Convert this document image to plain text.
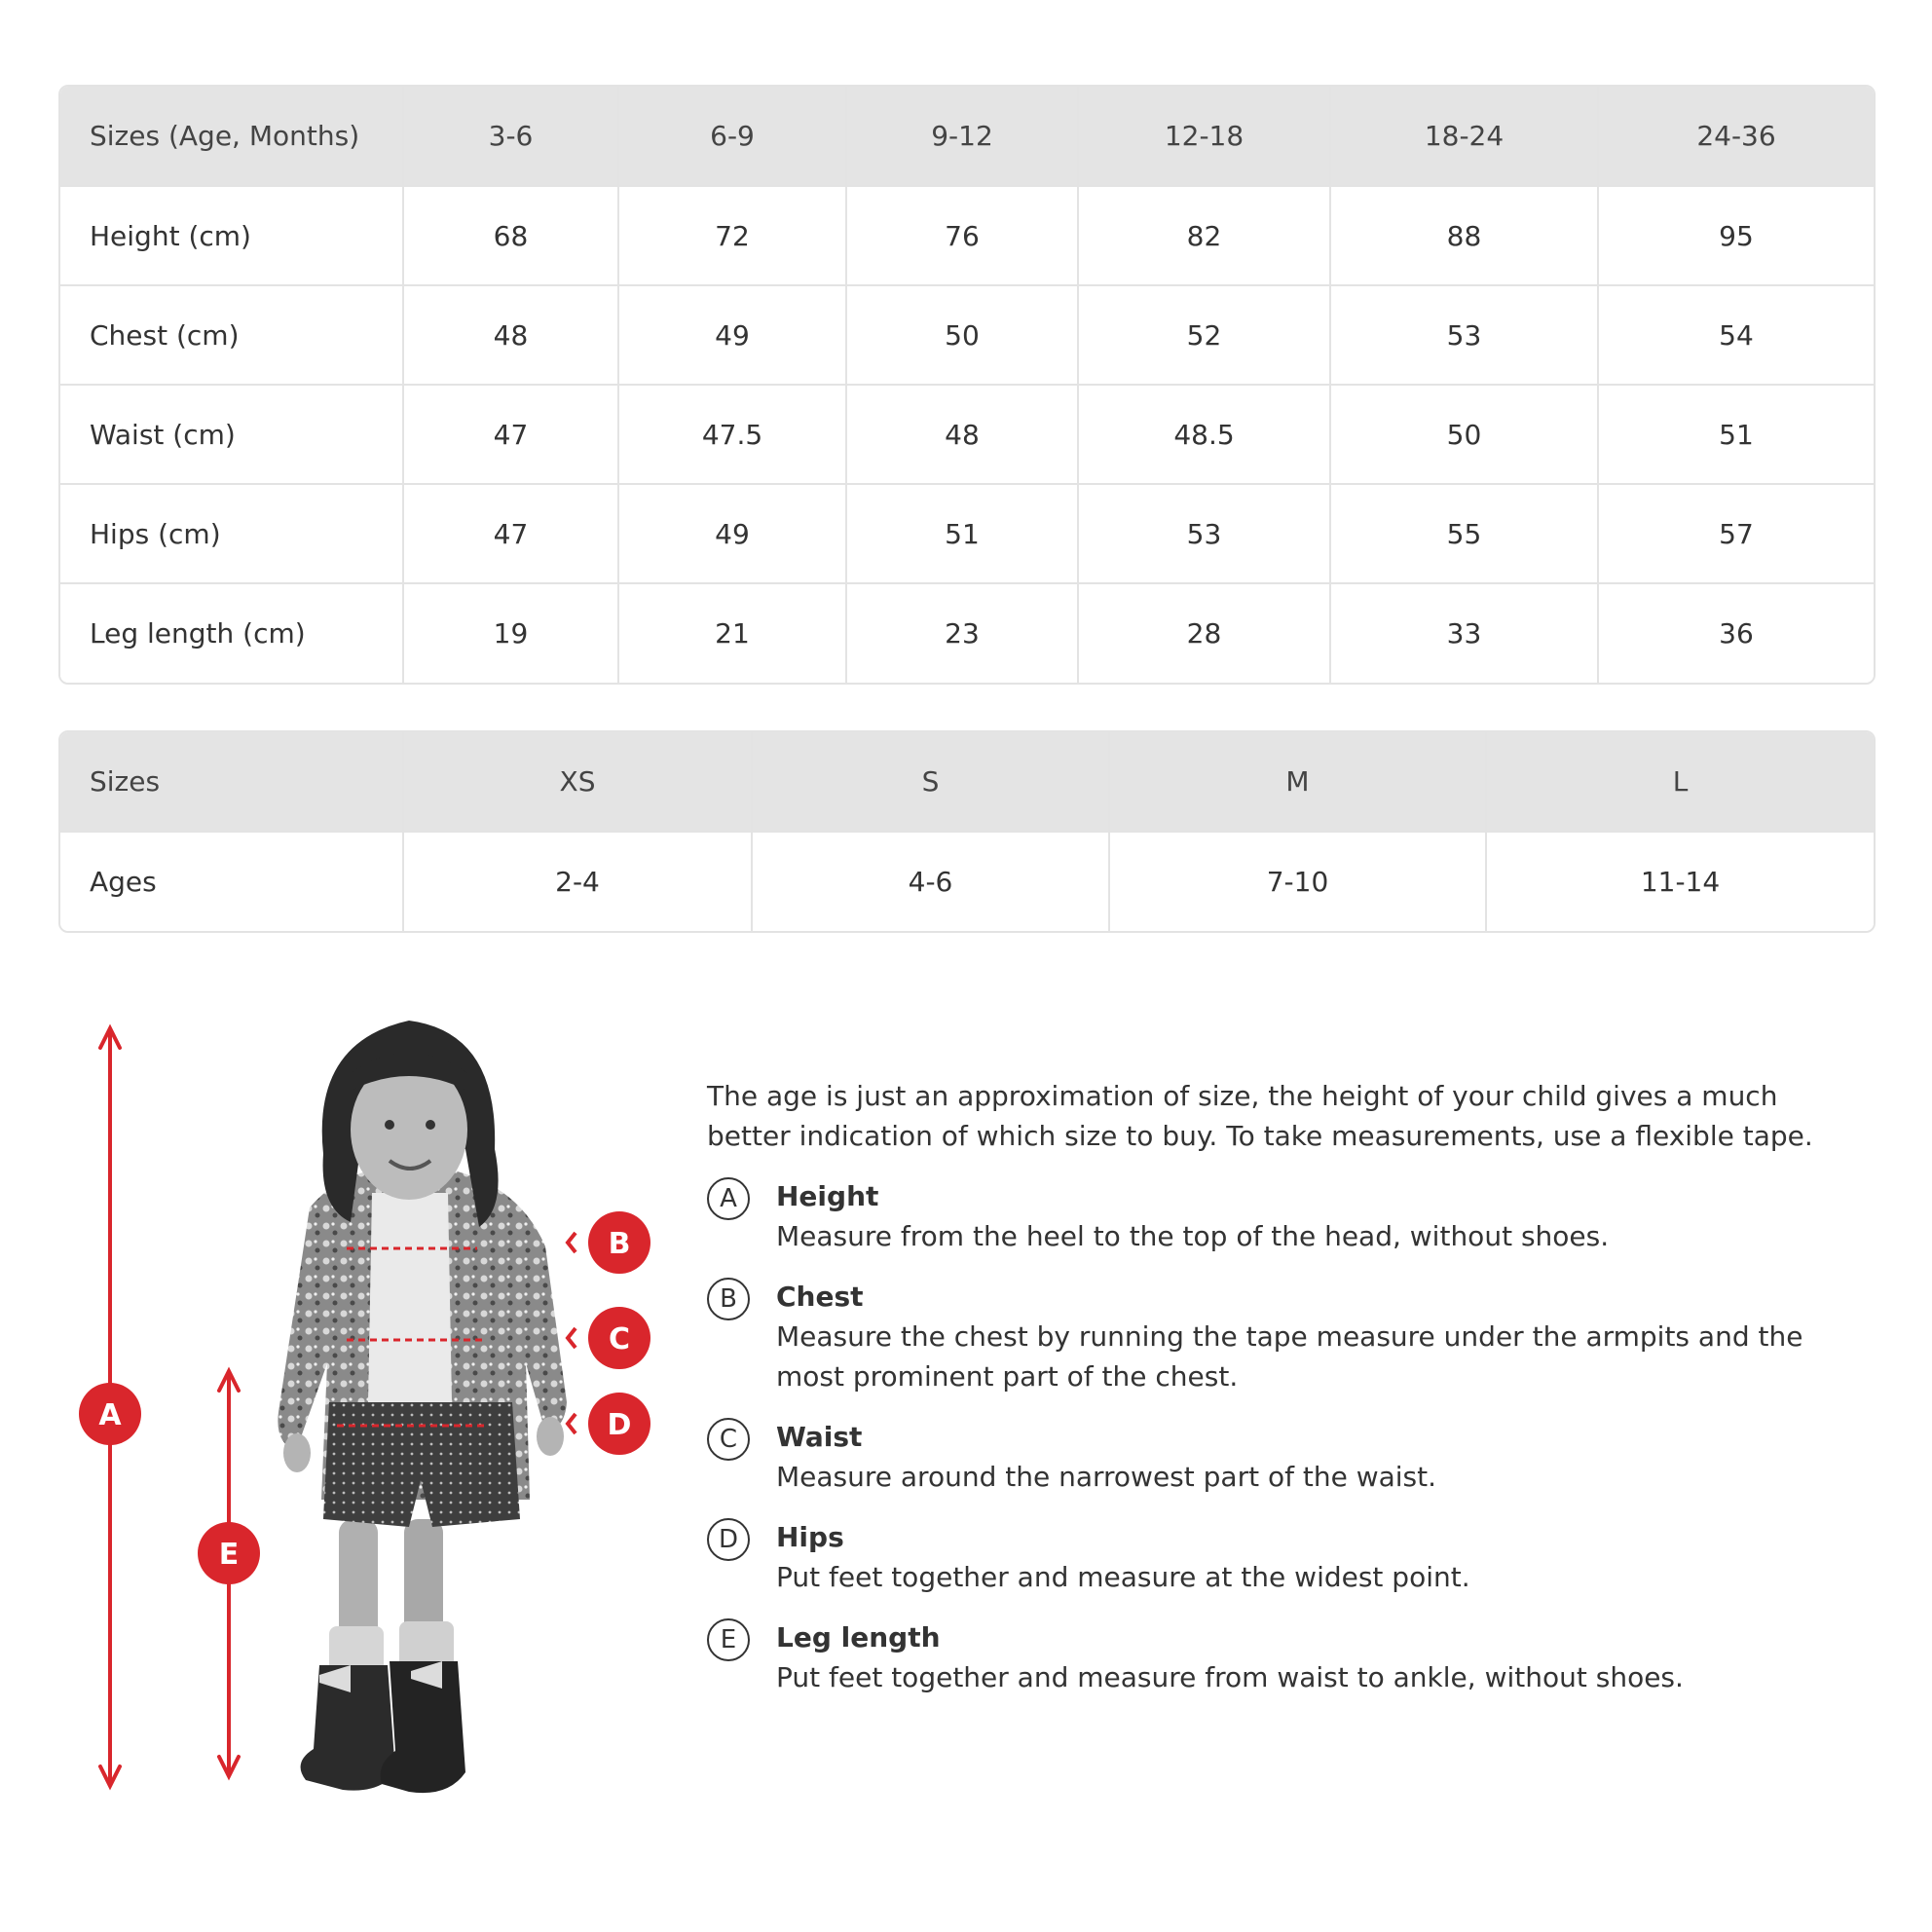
Sizes (Age, Months)	3-6	6-9	9-12	12-18	18-24	24-36
Height (cm)	68	72	76	82	88	95
Chest (cm)	48	49	50	52	53	54
Waist (cm)	47	47.5	48	48.5	50	51
Hips (cm)	47	49	51	53	55	57
Leg length (cm)	19	21	23	28	33	36
Sizes	XS	S	M	L
Ages	2-4	4-6	7-10	11-14
A
E
B
C
D

The age is just an approximation of size, the height of your child gives a much better indication of which size to buy. To take measurements, use a flexible tape.

A	Height
Measure from the heel to the top of the head, without shoes.
B	Chest
Measure the chest by running the tape measure under the armpits and the most prominent part of the chest.
C	Waist
Measure around the narrowest part of the waist.
D	Hips
Put feet together and measure at the widest point.
E	Leg length
Put feet together and measure from waist to ankle, without shoes.
